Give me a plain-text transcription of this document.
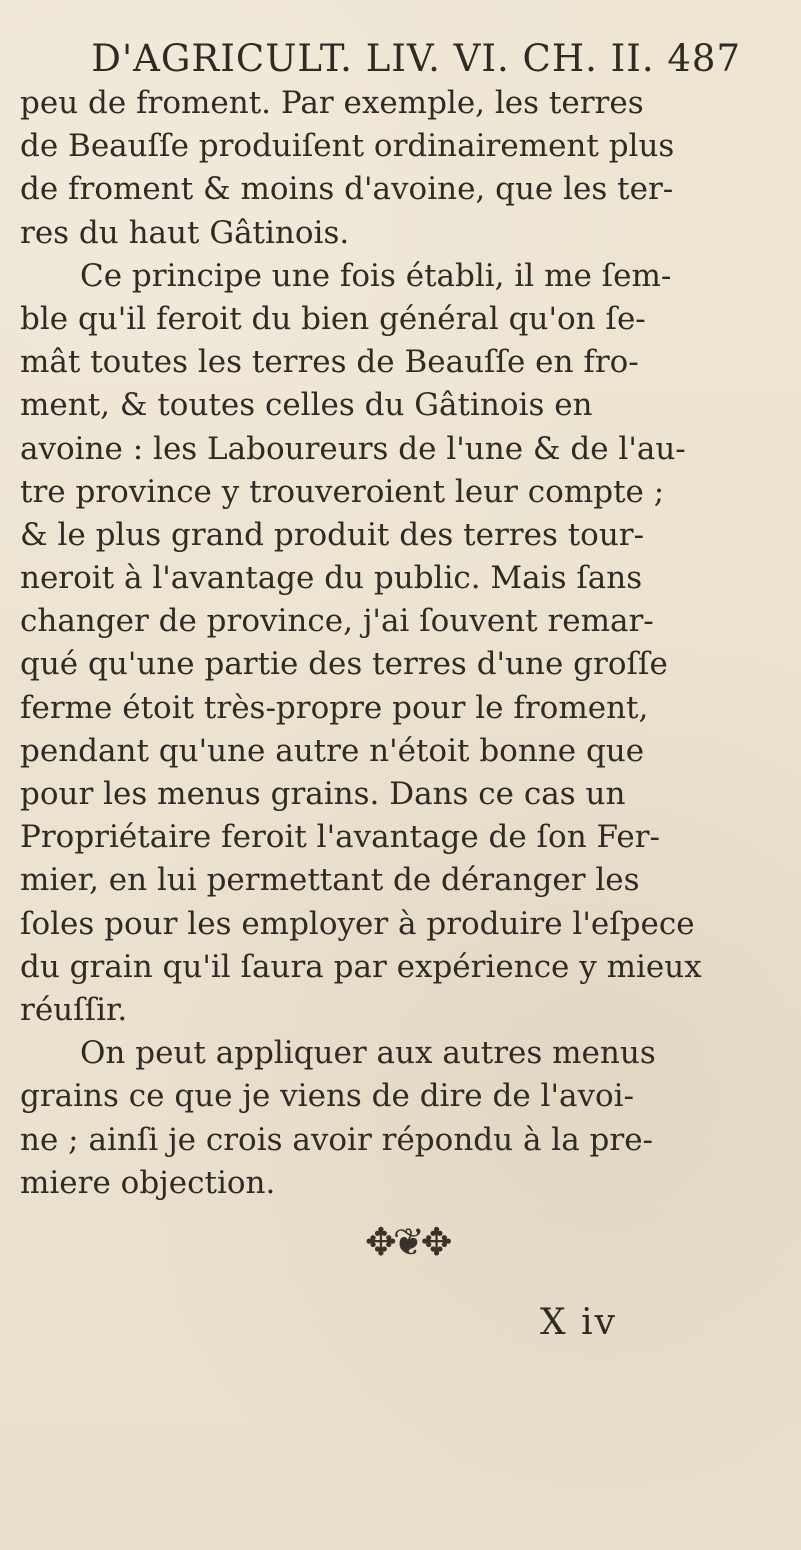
D'AGRICULT. LIV. VI. CH. II. 487
peu de froment. Par exemple, les terres
de Beauſſe produiſent ordinairement plus
de froment & moins d'avoine, que les ter-
res du haut Gâtinois.
Ce principe une fois établi, il me ſem-
ble qu'il feroit du bien général qu'on ſe-
mât toutes les terres de Beauſſe en fro-
ment, & toutes celles du Gâtinois en
avoine : les Laboureurs de l'une & de l'au-
tre province y trouveroient leur compte ;
& le plus grand produit des terres tour-
neroit à l'avantage du public. Mais ſans
changer de province, j'ai ſouvent remar-
qué qu'une partie des terres d'une groſſe
ferme étoit très-propre pour le froment,
pendant qu'une autre n'étoit bonne que
pour les menus grains. Dans ce cas un
Propriétaire feroit l'avantage de ſon Fer-
mier, en lui permettant de déranger les
ſoles pour les employer à produire l'eſpece
du grain qu'il ſaura par expérience y mieux
réuſſir.
On peut appliquer aux autres menus
grains ce que je viens de dire de l'avoi-
ne ; ainſi je crois avoir répondu à la pre-
miere objection.
✥❦✥
X iv
